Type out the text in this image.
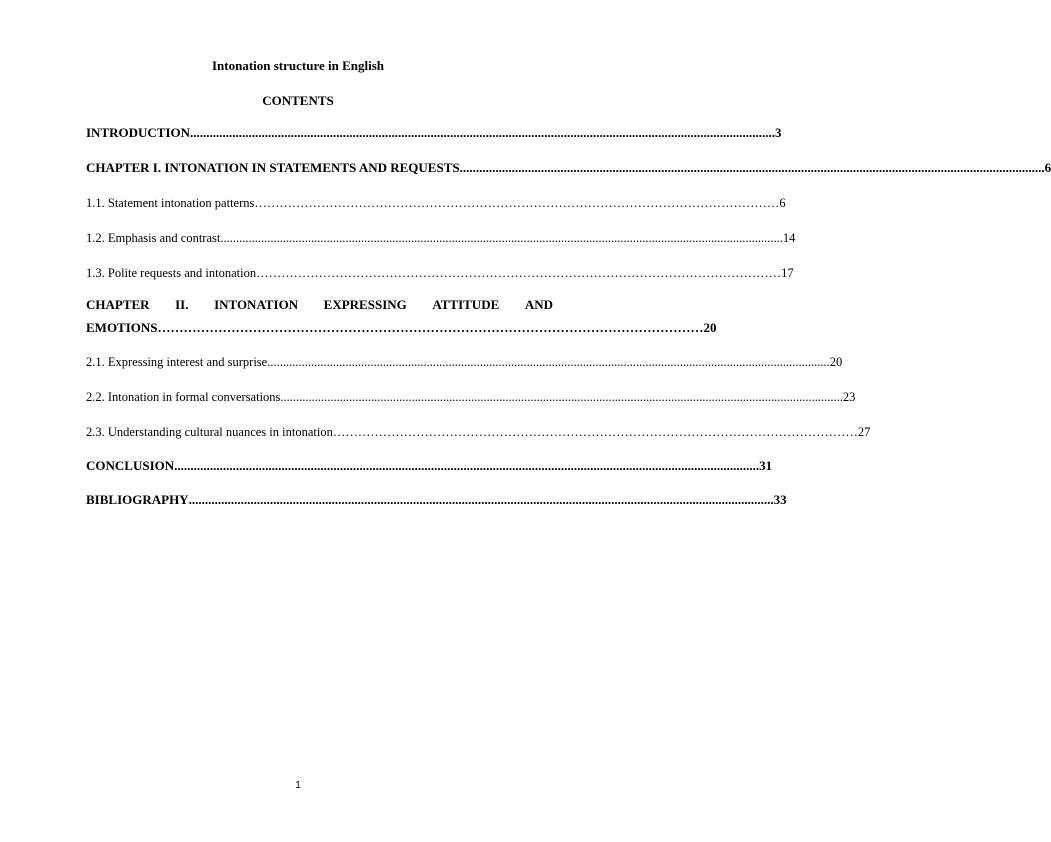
Intonation structure in English
CONTENTS
INTRODUCTION .................................................................................................................................................................................... 3
CHAPTER I. INTONATION IN STATEMENTS AND REQUESTS .................................................................................................................................................................................... 6
1.1. Statement intonation patterns ……………………………………………………………………………………………………………… 6
1.2. Emphasis and contrast .................................................................................................................................................................................... 14
1.3. Polite requests and intonation ……………………………………………………………………………………………………………… 17
CHAPTER II. INTONATION EXPRESSING ATTITUDE AND
EMOTIONS ……………………………………………………………………………………………………………… 20
2.1. Expressing interest and surprise .................................................................................................................................................................................... 20
2.2. Intonation in formal conversations .................................................................................................................................................................................... 23
2.3. Understanding cultural nuances in intonation ……………………………………………………………………………………………………………… 27
CONCLUSION .................................................................................................................................................................................... 31
BIBLIOGRAPHY .................................................................................................................................................................................... 33
1
